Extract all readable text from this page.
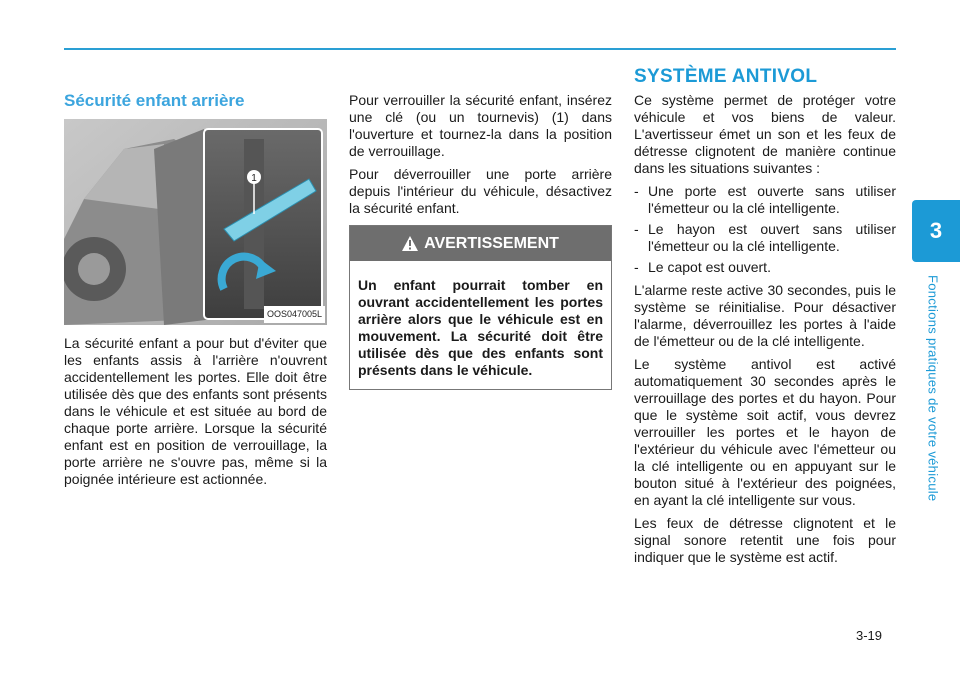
3
Fonctions pratiques de votre véhicule
Sécurité enfant arrière
1
OOS047005L

La sécurité enfant a pour but d'éviter que les enfants assis à l'arrière n'ouvrent accidentellement les portes. Elle doit être utilisée dès que des enfants sont présents dans le véhicule et est située au bord de chaque porte arrière. Lorsque la sécurité enfant est en position de verrouillage, la porte arrière ne s'ouvre pas, même si la poignée intérieure est actionnée.

Pour verrouiller la sécurité enfant, insérez une clé (ou un tournevis) (1) dans l'ouverture et tournez-la dans la position de verrouillage.

Pour déverrouiller une porte arrière depuis l'intérieur du véhicule, désactivez la sécurité enfant.

AVERTISSEMENT
Un enfant pourrait tomber en ouvrant accidentellement les portes arrière alors que le véhicule est en mouvement. La sécurité doit être utilisée dès que des enfants sont présents dans le véhicule.
SYSTÈME ANTIVOL

Ce système permet de protéger votre véhicule et vos biens de valeur. L'avertisseur émet un son et les feux de détresse clignotent de manière continue dans les situations suivantes :

- Une porte est ouverte sans utiliser l'émetteur ou la clé intelligente.
- Le hayon est ouvert sans utiliser l'émetteur ou la clé intelligente.
- Le capot est ouvert.

L'alarme reste active 30 secondes, puis le système se réinitialise. Pour désactiver l'alarme, déverrouillez les portes à l'aide de l'émetteur ou de la clé intelligente.

Le système antivol est activé automatiquement 30 secondes après le verrouillage des portes et du hayon. Pour que le système soit actif, vous devrez verrouiller les portes et le hayon de l'extérieur du véhicule avec l'émetteur ou la clé intelligente ou en appuyant sur le bouton situé à l'extérieur des poignées, en ayant la clé intelligente sur vous.

Les feux de détresse clignotent et le signal sonore retentit une fois pour indiquer que le système est actif.

3-19
